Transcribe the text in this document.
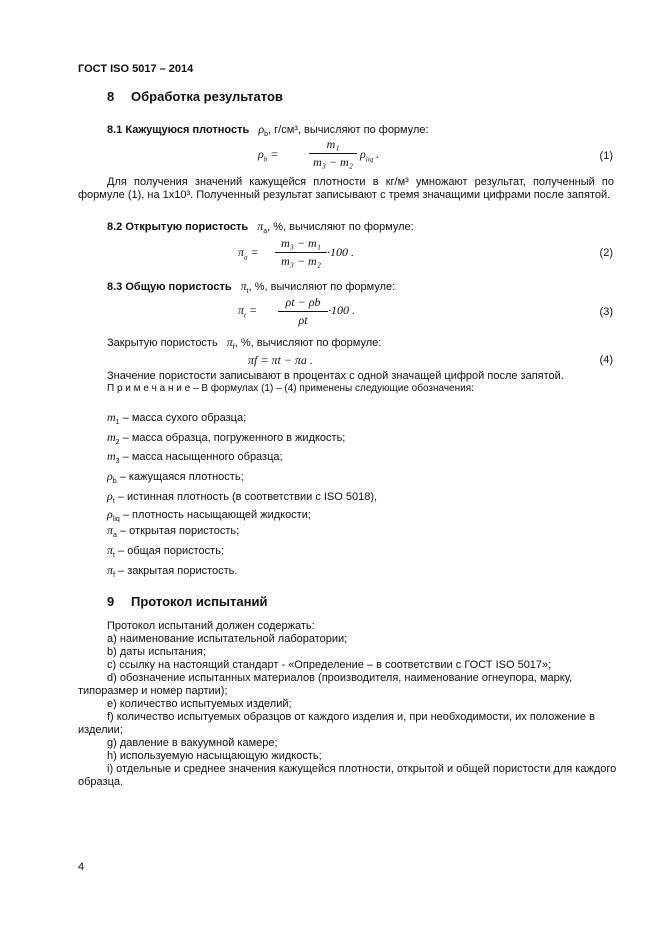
ГОСТ ISO 5017 – 2014
8 Обработка результатов
8.1 Кажущуюся плотность $\rho_b$, г/см³, вычисляют по формуле:
$\rho_b$ =	$\frac{\text{m₁}}{\text{m₃ − m₂}} \rho_{liq}$ .	(1)
Для получения значений кажущейся плотности в кг/м³ умножают результат, полученный по формуле (1), на 1х10³. Полученный результат записывают с тремя значащими цифрами после запятой.
8.2 Открытую пористость $\pi_a$, %, вычисляют по формуле:
$\pi_a = \frac{\text{m₃ − m₁}}{\text{m₃ − m₂}} \cdot 100$ .	(2)
8.3 Общую пористость $\pi_t$, %, вычисляют по формуле:
$\pi_t = \frac{\rho t - \rho b}{\rho t} \cdot 100$ .	(3)
Закрытую пористость $\pi_f$, %, вычисляют по формуле:
πf = πt − πa .	(4)
Значение пористости записывают в процентах с одной значащей цифрой после запятой.
П р и м е ч а н и е – В формулах (1) – (4) применены следующие обозначения:
$m_1$ – масса сухого образца;
$m_2$ – масса образца, погруженного в жидкость;
$m_3$ – масса насыщенного образца;
$\rho_b$ – кажущаяся плотность;
$\rho_t$ – истинная плотность (в соответствии с ISO 5018),
$\rho_{liq}$ – плотность насыщающей жидкости;
$\pi_a$ – открытая пористость;
$\pi_t$ – общая пористость;
$\pi_f$ – закрытая пористость.
9 Протокол испытаний
Протокол испытаний должен содержать:
a) наименование испытательной лаборатории;
b) даты испытания;
c) ссылку на настоящий стандарт - «Определение – в соответствии с ГОСТ ISO 5017»;
d) обозначение испытанных материалов (производителя, наименование огнеупора, марку, типоразмер и номер партии);
e) количество испытуемых изделий;
f) количество испытуемых образцов от каждого изделия и, при необходимости, их положение в изделии;
g) давление в вакуумной камере;
h) используемую насыщающую жидкость;
i) отдельные и среднее значения кажущейся плотности, открытой и общей пористости для каждого образца.
4
